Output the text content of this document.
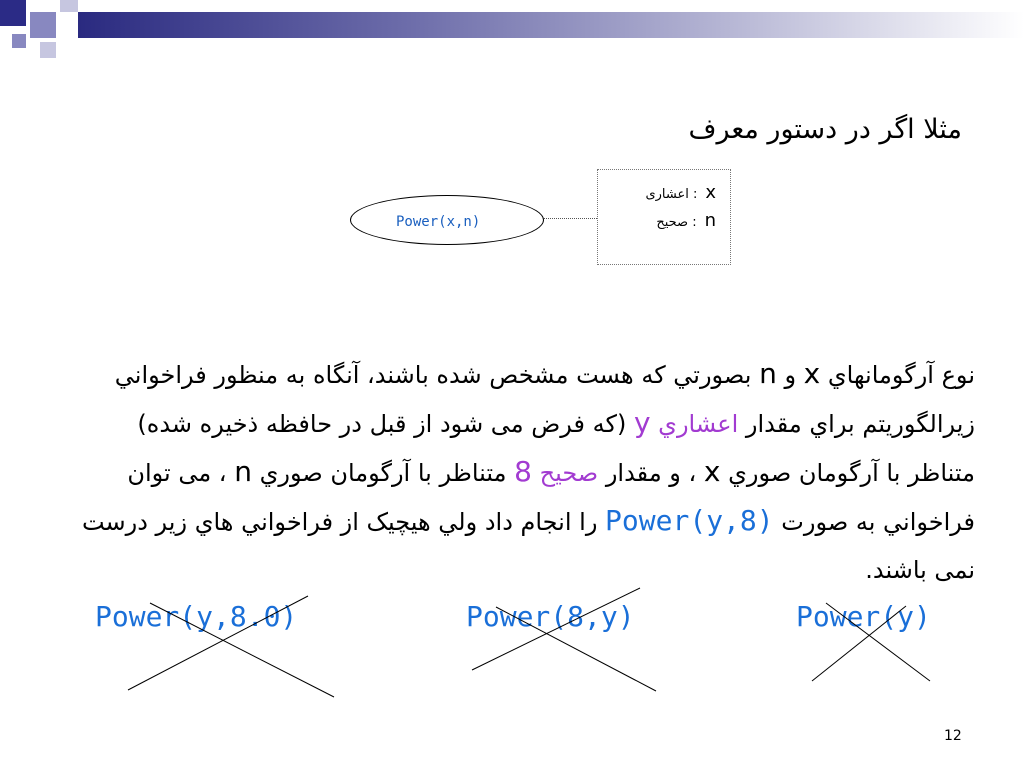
مثلا اگر در دستور معرف
x: اعشاری
n: صحیح
Power(x,n)
نوع آرگومانهاي x و n بصورتي كه هست مشخص شده باشند، آنگاه به منظور فراخواني زيرالگوريتم براي مقدار اعشاري y (كه فرض مى شود از قبل در حافظه ذخيره شده) متناظر با آرگومان صوري x ، و مقدار صحيح 8 متناظر با آرگومان صوري n ، مى توان فراخواني به صورت Power(y,8) را انجام داد ولي هيچيک از فراخواني هاي زير درست نمى باشند.
Power(y,8.0)	Power(8,y)	Power(y)
12
